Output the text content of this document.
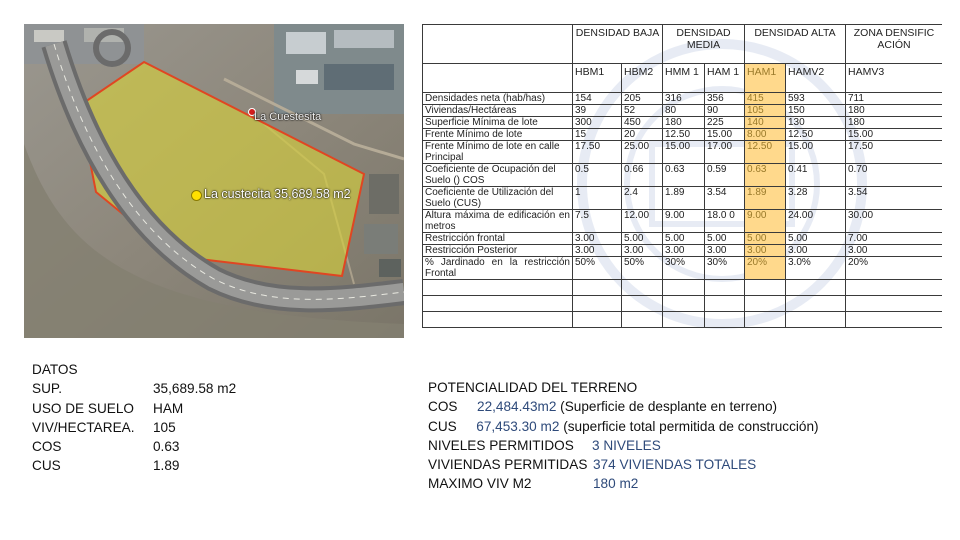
La Cuestesita
La custecita 35,689.58 m2
	DENSIDAD BAJA		DENSIDAD MEDIA		DENSIDAD ALTA		ZONA DENSIFIC ACIÓN
	HBM1	HBM2	HMM 1	HAM 1	HAM1	HAMV2	HAMV3
Densidades neta (hab/has)	154	205	316	356	415	593	711
Viviendas/Hectáreas	39	52	80	90	105	150	180
Superficie Mínima de lote	300	450	180	225	140	130	180
Frente Mínimo de lote	15	20	12.50	15.00	8.00	12.50	15.00
Frente Mínimo de lote en calle Principal	17.50	25.00	15.00	17.00	12.50	15.00	17.50
Coeficiente de Ocupación del Suelo () COS	0.5	0.66	0.63	0.59	0.63	0.41	0.70
Coeficiente de Utilización del Suelo (CUS)	1	2.4	1.89	3.54	1.89	3.28	3.54
Altura máxima de edificación en metros	7.5	12.00	9.00	18.0 0	9.00	24.00	30.00
Restricción frontal	3.00	5.00	5.00	5.00	5.00	5.00	7.00
Restricción Posterior	3.00	3.00	3.00	3.00	3.00	3.00	3.00
% Jardinado en la restricción Frontal	50%	50%	30%	30%	20%	3.0%	20%

DATOS
SUP.	35,689.58 m2
USO DE SUELO HAM
VIV/HECTAREA. 105
COS	0.63
CUS	1.89
POTENCIALIDAD DEL TERRENO
COS 22,484.43m2 (Superficie de desplante en terreno)
CUS 67,453.30 m2 (superficie total permitida de construcción)
NIVELES PERMITIDOS 3 NIVELES
VIVIENDAS PERMITIDAS 374 VIVIENDAS TOTALES
MAXIMO VIV M2	180 m2
